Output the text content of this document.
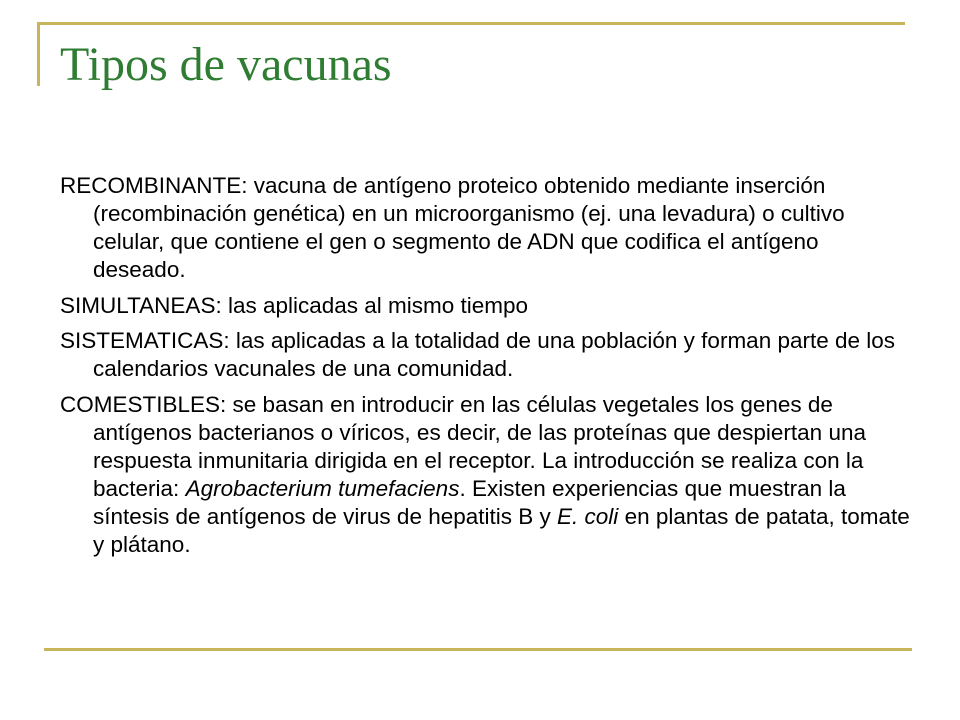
Tipos de vacunas

RECOMBINANTE: vacuna de antígeno proteico obtenido mediante inserción (recombinación genética) en un microorganismo (ej. una levadura) o cultivo celular, que contiene el gen o segmento de ADN que codifica el antígeno deseado.

SIMULTANEAS: las aplicadas al mismo tiempo

SISTEMATICAS: las aplicadas a la totalidad de una población y forman parte de los calendarios vacunales de una comunidad.

COMESTIBLES: se basan en introducir en las células vegetales los genes de antígenos bacterianos o víricos, es decir, de las proteínas que despiertan una respuesta inmunitaria dirigida en el receptor. La introducción se realiza con la bacteria: Agrobacterium tumefaciens. Existen experiencias que muestran la síntesis de antígenos de virus de hepatitis B y E. coli en plantas de patata, tomate y plátano.
